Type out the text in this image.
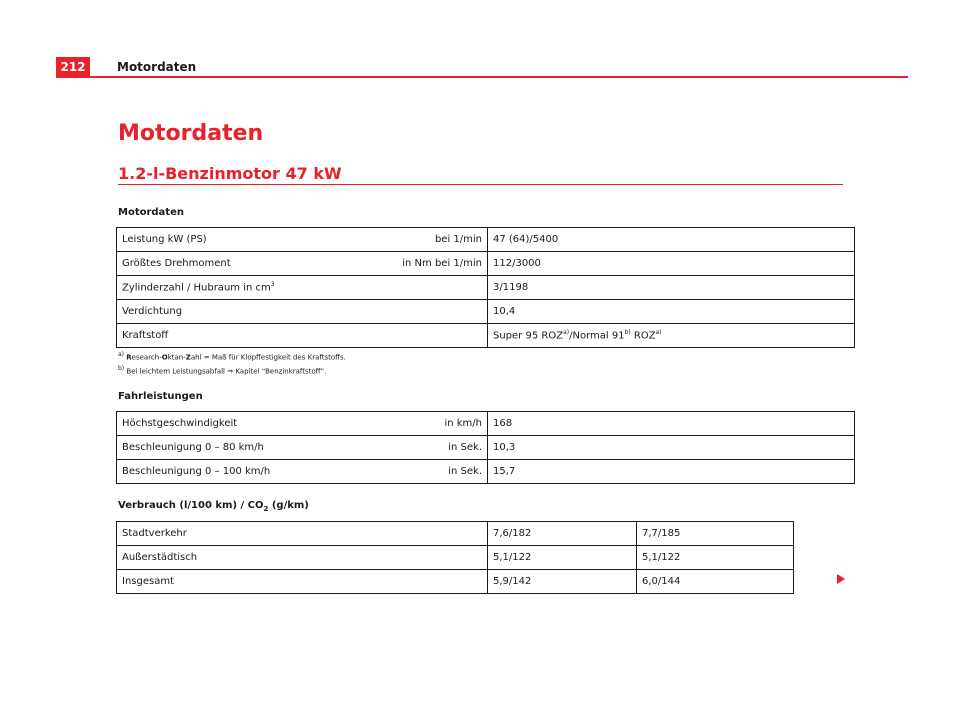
212	Motordaten
Motordaten
1.2-l-Benzinmotor 47 kW
Motordaten
Leistung kW (PS) bei 1/min	47 (64)/5400

Größtes Drehmoment in Nm bei 1/min	112/3000

Zylinderzahl / Hubraum in $cm^3$	3/1198

Verdichtung	10,4

Kraftstoff	Super 95 ROZ$^{a)}$/Normal 91$^{b)}$ ROZ$^{a)}$
$^{a)}$ Research-Oktan-Zahl = Maß für Klopffestigkeit des Kraftstoffs.
$^{b)}$ Bei leichtem Leistungsabfall ⇒ Kapitel “Benzinkraftstoff”.
Fahrleistungen
Höchstgeschwindigkeit in km/h	168

Beschleunigung 0 – 80 km/h in Sek.	10,3

Beschleunigung 0 – 100 km/h in Sek.	15,7
Verbrauch (l/100 $km) / CO_2$ (g/km)
Stadtverkehr	7,6/182	7,7/185
Außerstädtisch	5,1/122	5,1/122
Insgesamt	5,9/142	6,0/144
